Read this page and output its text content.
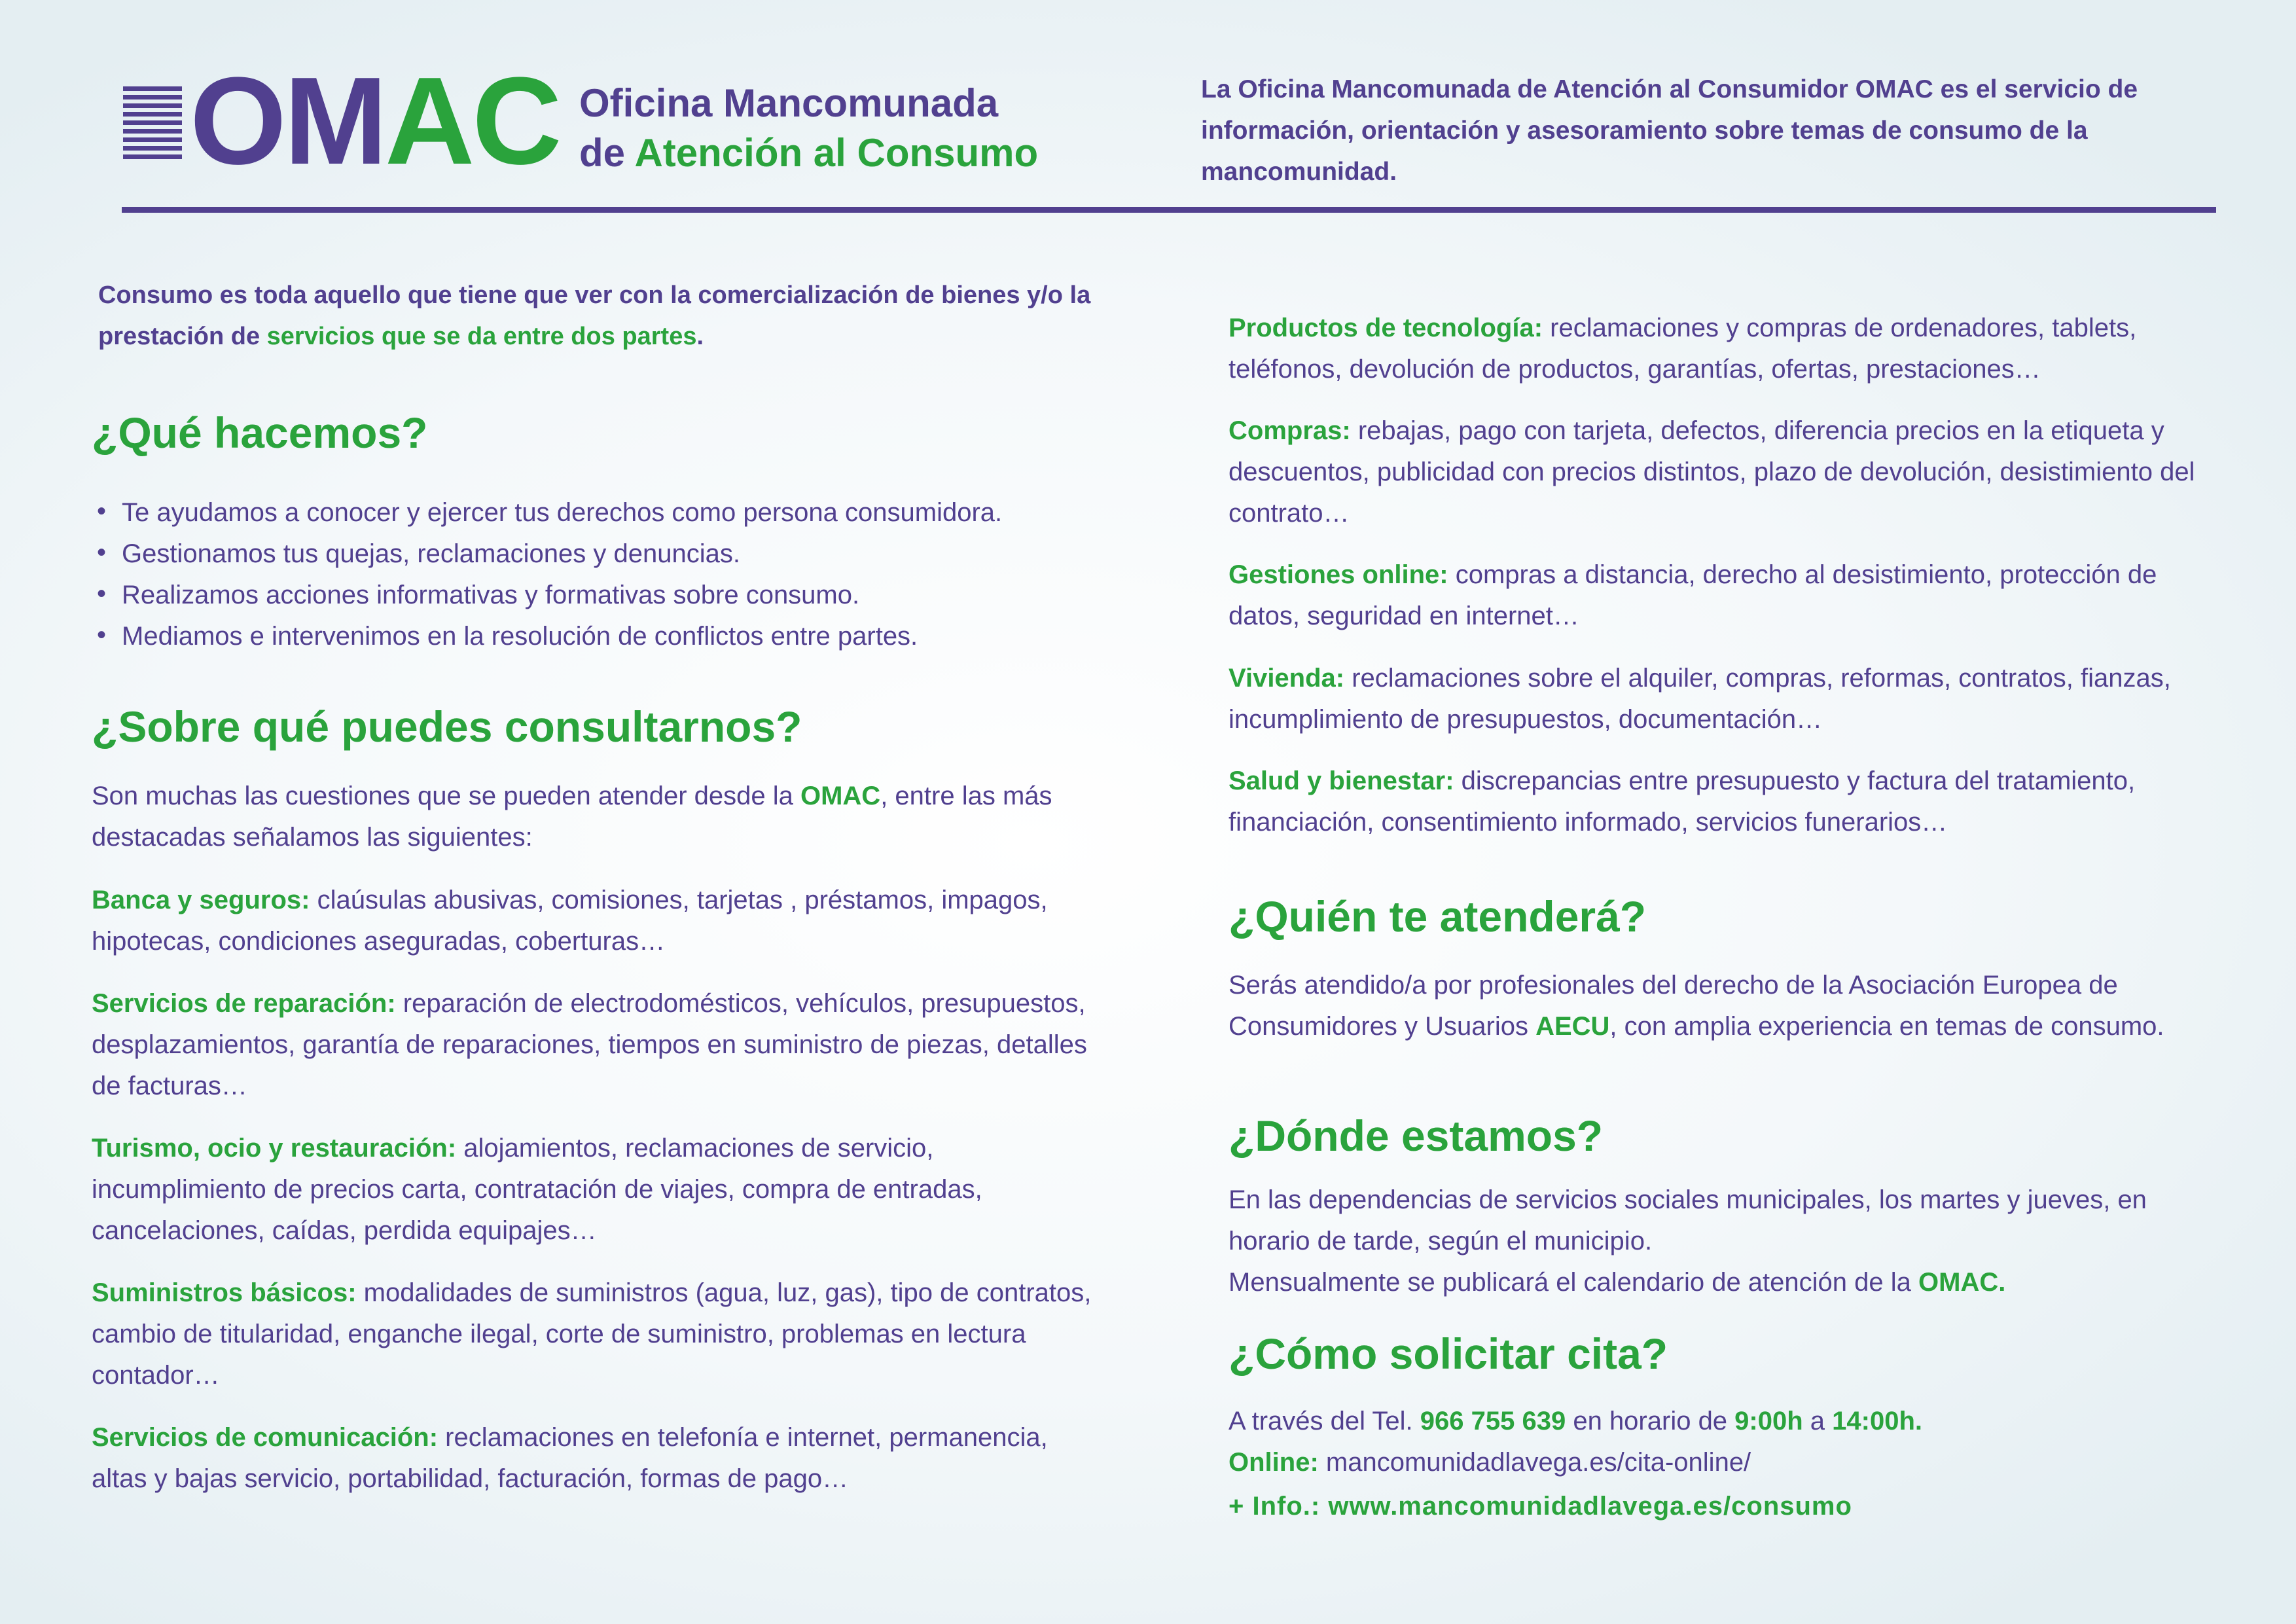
OMAC Oficina Mancomunada
de Atención al Consumo
La Oficina Mancomunada de Atención al Consumidor OMAC es el servicio de información, orientación y asesoramiento sobre temas de consumo de la mancomunidad.
Consumo es toda aquello que tiene que ver con la comercialización de bienes y/o la prestación de servicios que se da entre dos partes.
¿Qué hacemos?
• Te ayudamos a conocer y ejercer tus derechos como persona consumidora.
• Gestionamos tus quejas, reclamaciones y denuncias.
• Realizamos acciones informativas y formativas sobre consumo.
• Mediamos e intervenimos en la resolución de conflictos entre partes.
¿Sobre qué puedes consultarnos?
Son muchas las cuestiones que se pueden atender desde la OMAC, entre las más destacadas señalamos las siguientes:
Banca y seguros: claúsulas abusivas, comisiones, tarjetas , préstamos, impagos, hipotecas, condiciones aseguradas, coberturas…
Servicios de reparación: reparación de electrodomésticos, vehículos, presupuestos, desplazamientos, garantía de reparaciones, tiempos en suministro de piezas, detalles de facturas…
Turismo, ocio y restauración: alojamientos, reclamaciones de servicio, incumplimiento de precios carta, contratación de viajes, compra de entradas, cancelaciones, caídas, perdida equipajes…
Suministros básicos: modalidades de suministros (agua, luz, gas), tipo de contratos, cambio de titularidad, enganche ilegal, corte de suministro, problemas en lectura contador…
Servicios de comunicación: reclamaciones en telefonía e internet, permanencia, altas y bajas servicio, portabilidad, facturación, formas de pago…
Productos de tecnología: reclamaciones y compras de ordenadores, tablets, teléfonos, devolución de productos, garantías, ofertas, prestaciones…
Compras: rebajas, pago con tarjeta, defectos, diferencia precios en la etiqueta y descuentos, publicidad con precios distintos, plazo de devolución, desistimiento del contrato…
Gestiones online: compras a distancia, derecho al desistimiento, protección de datos, seguridad en internet…
Vivienda: reclamaciones sobre el alquiler, compras, reformas, contratos, fianzas, incumplimiento de presupuestos, documentación…
Salud y bienestar: discrepancias entre presupuesto y factura del tratamiento, financiación, consentimiento informado, servicios funerarios…
¿Quién te atenderá?
Serás atendido/a por profesionales del derecho de la Asociación Europea de Consumidores y Usuarios AECU, con amplia experiencia en temas de consumo.
¿Dónde estamos?
En las dependencias de servicios sociales municipales, los martes y jueves, en horario de tarde, según el municipio.
Mensualmente se publicará el calendario de atención de la OMAC.
¿Cómo solicitar cita?
A través del Tel. 966 755 639 en horario de 9:00h a 14:00h.
Online: mancomunidadlavega.es/cita-online/
+ Info.: www.mancomunidadlavega.es/consumo
